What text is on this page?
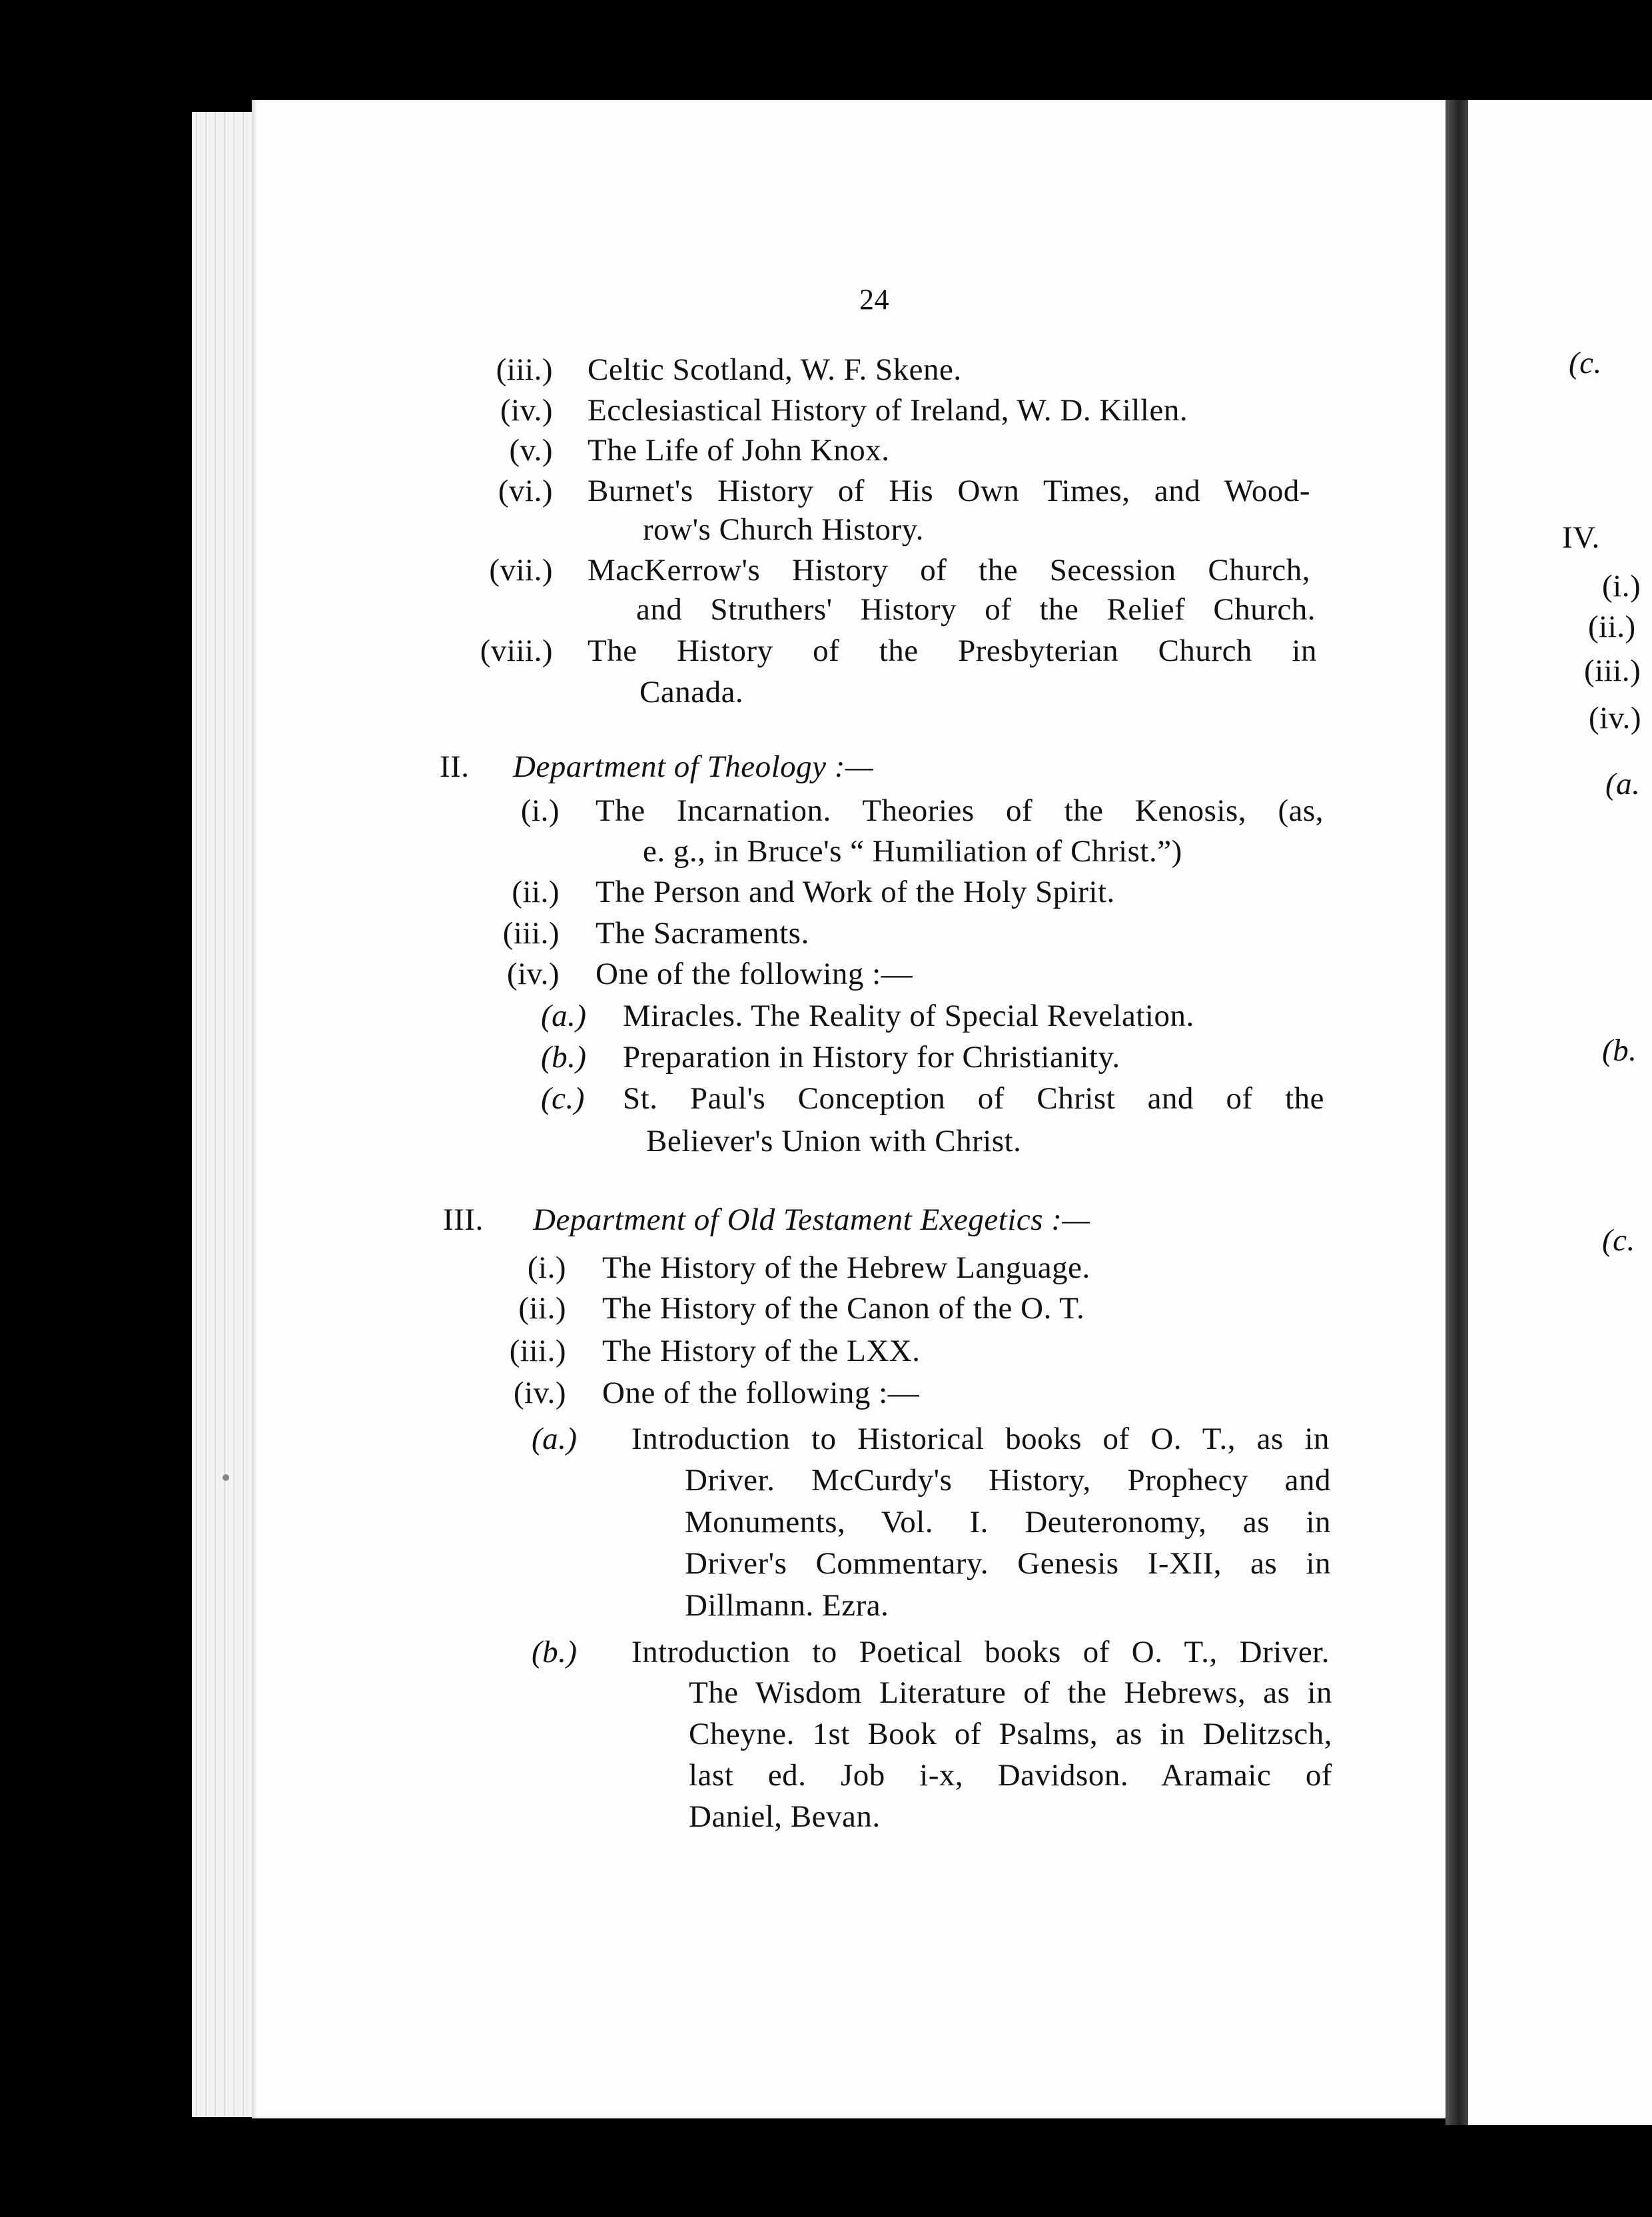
24
(iii.) Celtic Scotland, W. F. Skene.
(iv.) Ecclesiastical History of Ireland, W. D. Killen.
(v.) The Life of John Knox.
(vi.) Burnet's History of His Own Times, and Wood-
row's Church History.
(vii.) MacKerrow's History of the Secession Church,
and Struthers' History of the Relief Church.
(viii.) The History of the Presbyterian Church in
Canada.
II. Department of Theology :—
(i.) The Incarnation. Theories of the Kenosis, (as,
e. g., in Bruce's “ Humiliation of Christ.”)
(ii.) The Person and Work of the Holy Spirit.
(iii.) The Sacraments.
(iv.) One of the following :—
(a.) Miracles. The Reality of Special Revelation.
(b.) Preparation in History for Christianity.
(c.) St. Paul's Conception of Christ and of the
Believer's Union with Christ.
III. Department of Old Testament Exegetics :—
(i.) The History of the Hebrew Language.
(ii.) The History of the Canon of the O. T.
(iii.) The History of the LXX.
(iv.) One of the following :—
(a.) Introduction to Historical books of O. T., as in
Driver. McCurdy's History, Prophecy and
Monuments, Vol. I. Deuteronomy, as in
Driver's Commentary. Genesis I-XII, as in
Dillmann. Ezra.
(b.) Introduction to Poetical books of O. T., Driver.
The Wisdom Literature of the Hebrews, as in
Cheyne. 1st Book of Psalms, as in Delitzsch,
last ed. Job i-x, Davidson. Aramaic of
Daniel, Bevan.
(c.
IV.
(i.)
(ii.)
(iii.)
(iv.)
(a.
(b.
(c.
